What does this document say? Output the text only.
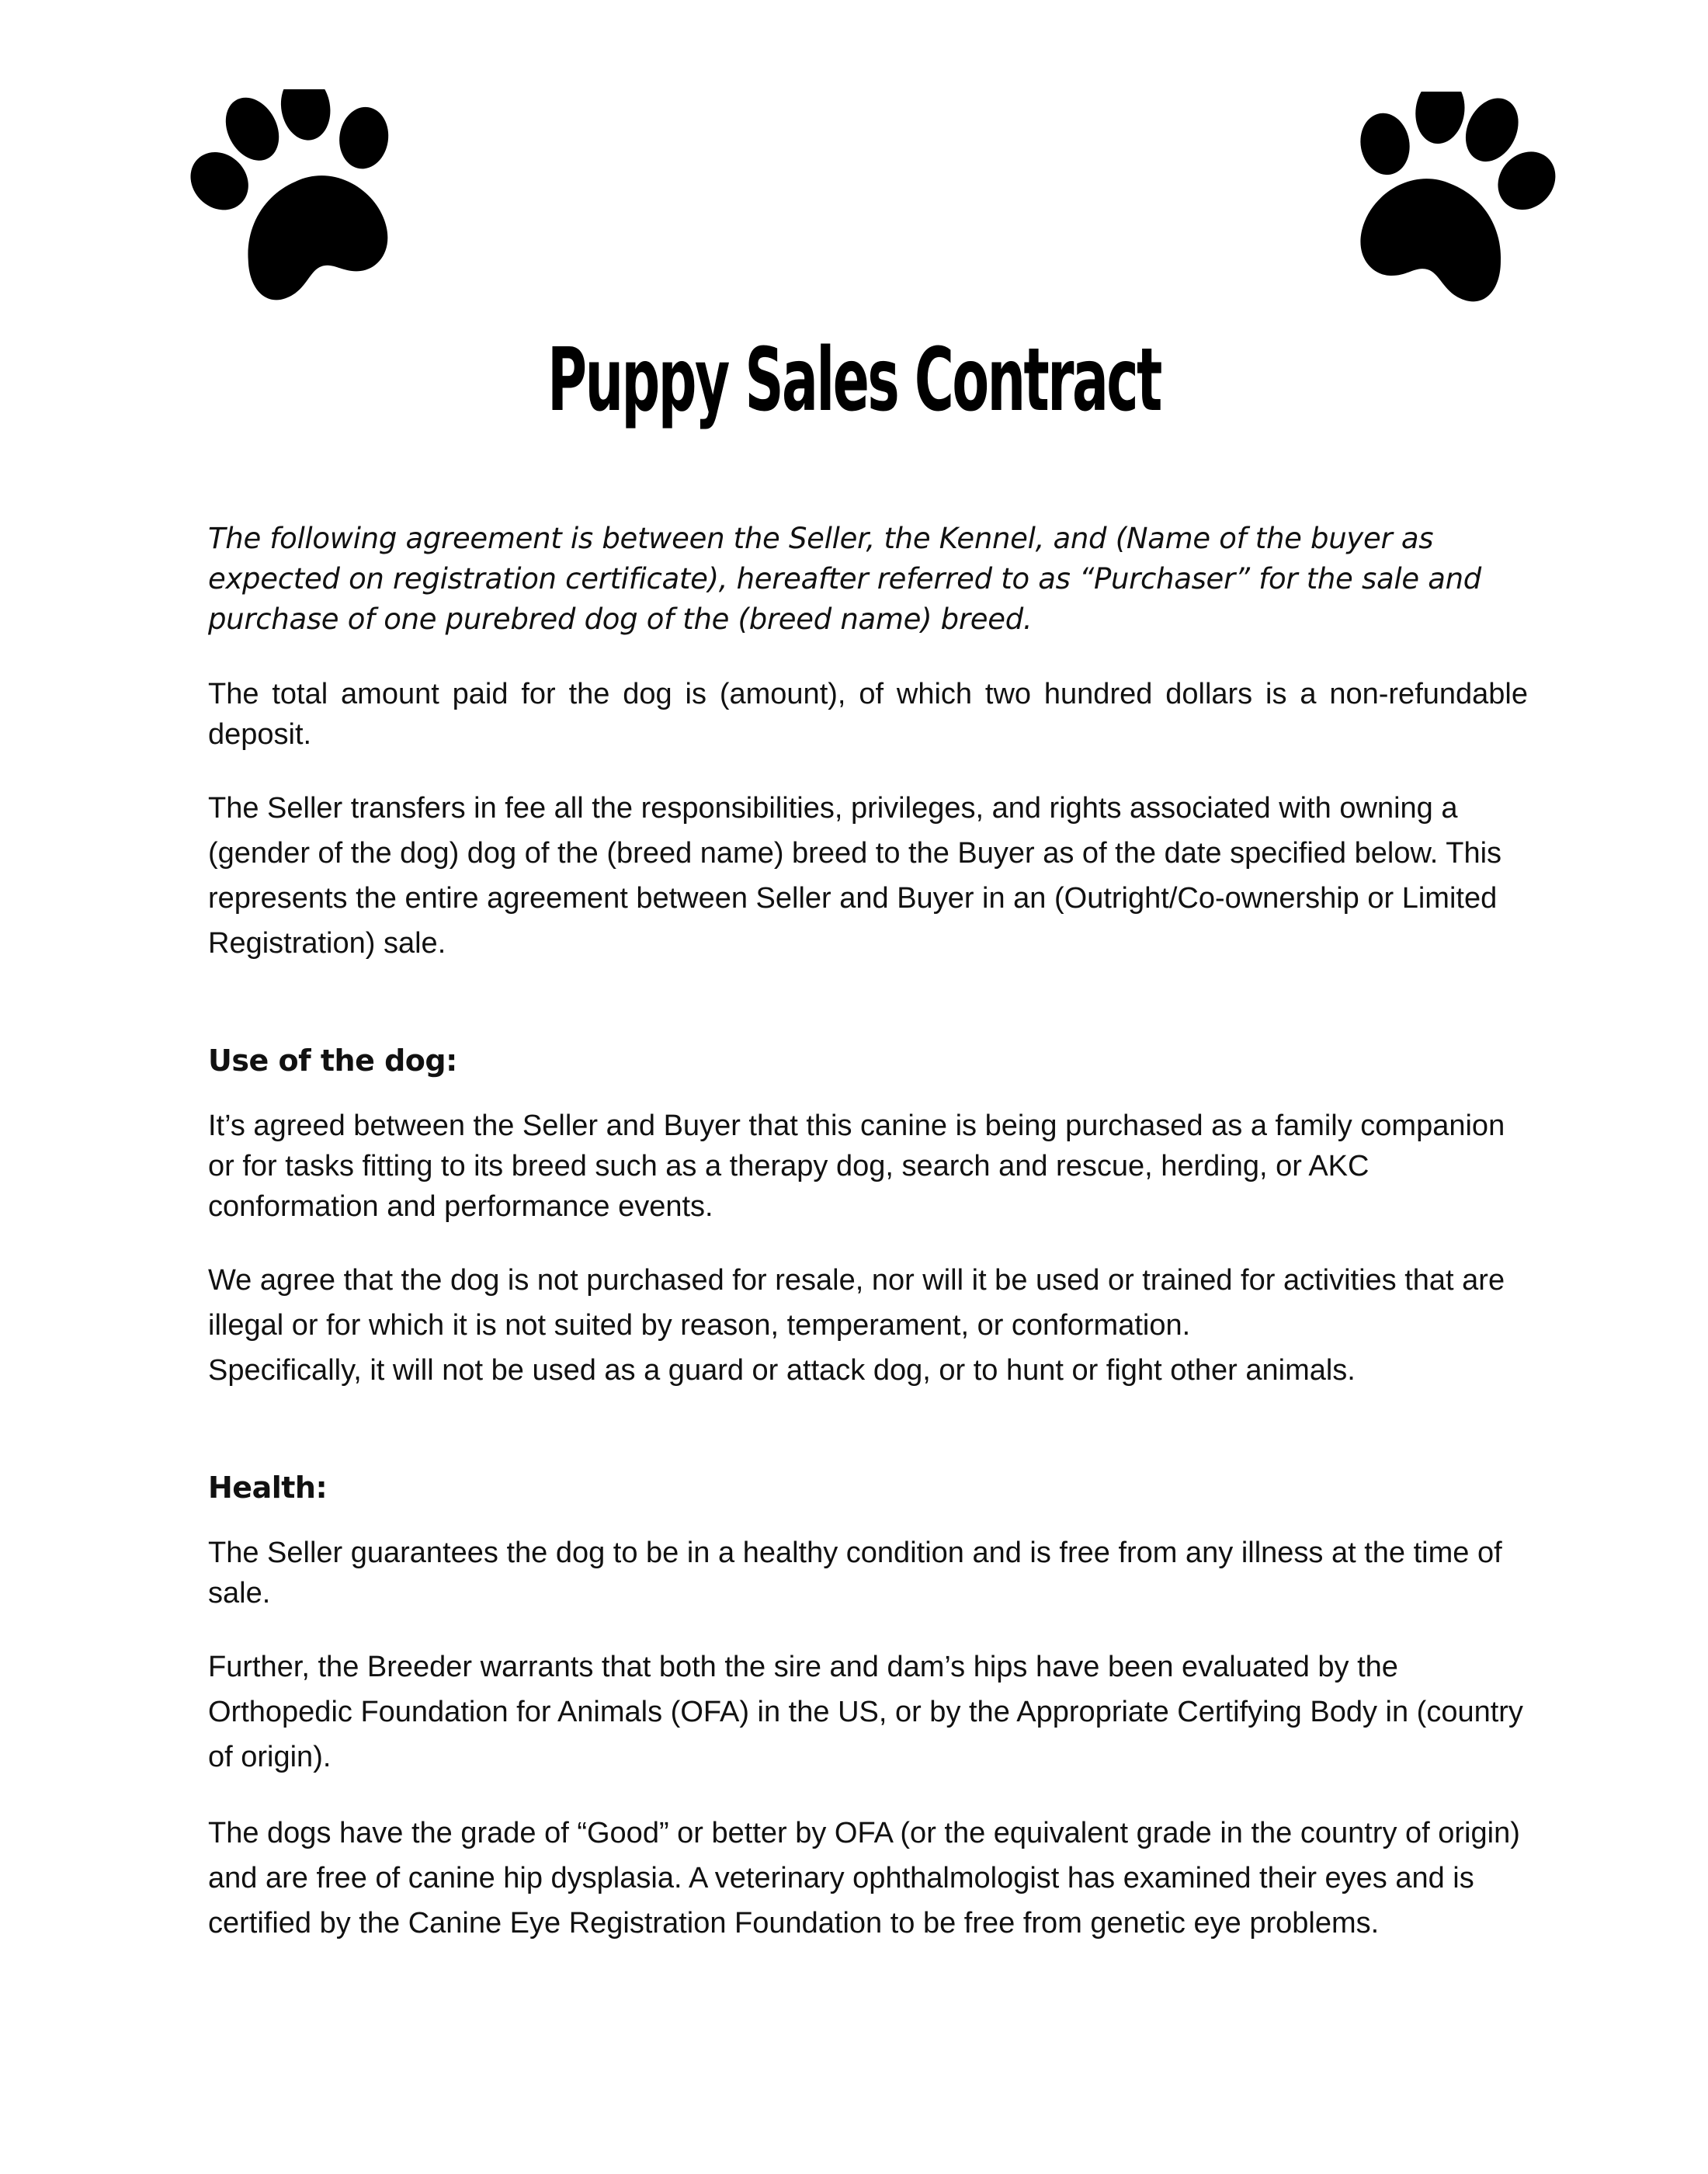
Puppy Sales Contract

The following agreement is between the Seller, the Kennel, and (Name of the buyer as expected on registration certificate), hereafter referred to as “Purchaser” for the sale and purchase of one purebred dog of the (breed name) breed.

The total amount paid for the dog is (amount), of which two hundred dollars is a non-refundable deposit.

The Seller transfers in fee all the responsibilities, privileges, and rights associated with owning a (gender of the dog) dog of the (breed name) breed to the Buyer as of the date specified below. This represents the entire agreement between Seller and Buyer in an (Outright/Co-ownership or Limited Registration) sale.

Use of the dog:

It’s agreed between the Seller and Buyer that this canine is being purchased as a family companion or for tasks fitting to its breed such as a therapy dog, search and rescue, herding, or AKC conformation and performance events.

We agree that the dog is not purchased for resale, nor will it be used or trained for activities that are illegal or for which it is not suited by reason, temperament, or conformation.

Specifically, it will not be used as a guard or attack dog, or to hunt or fight other animals.

Health:

The Seller guarantees the dog to be in a healthy condition and is free from any illness at the time of sale.

Further, the Breeder warrants that both the sire and dam’s hips have been evaluated by the Orthopedic Foundation for Animals (OFA) in the US, or by the Appropriate Certifying Body in (country of origin).

The dogs have the grade of “Good” or better by OFA (or the equivalent grade in the country of origin) and are free of canine hip dysplasia. A veterinary ophthalmologist has examined their eyes and is certified by the Canine Eye Registration Foundation to be free from genetic eye problems.
